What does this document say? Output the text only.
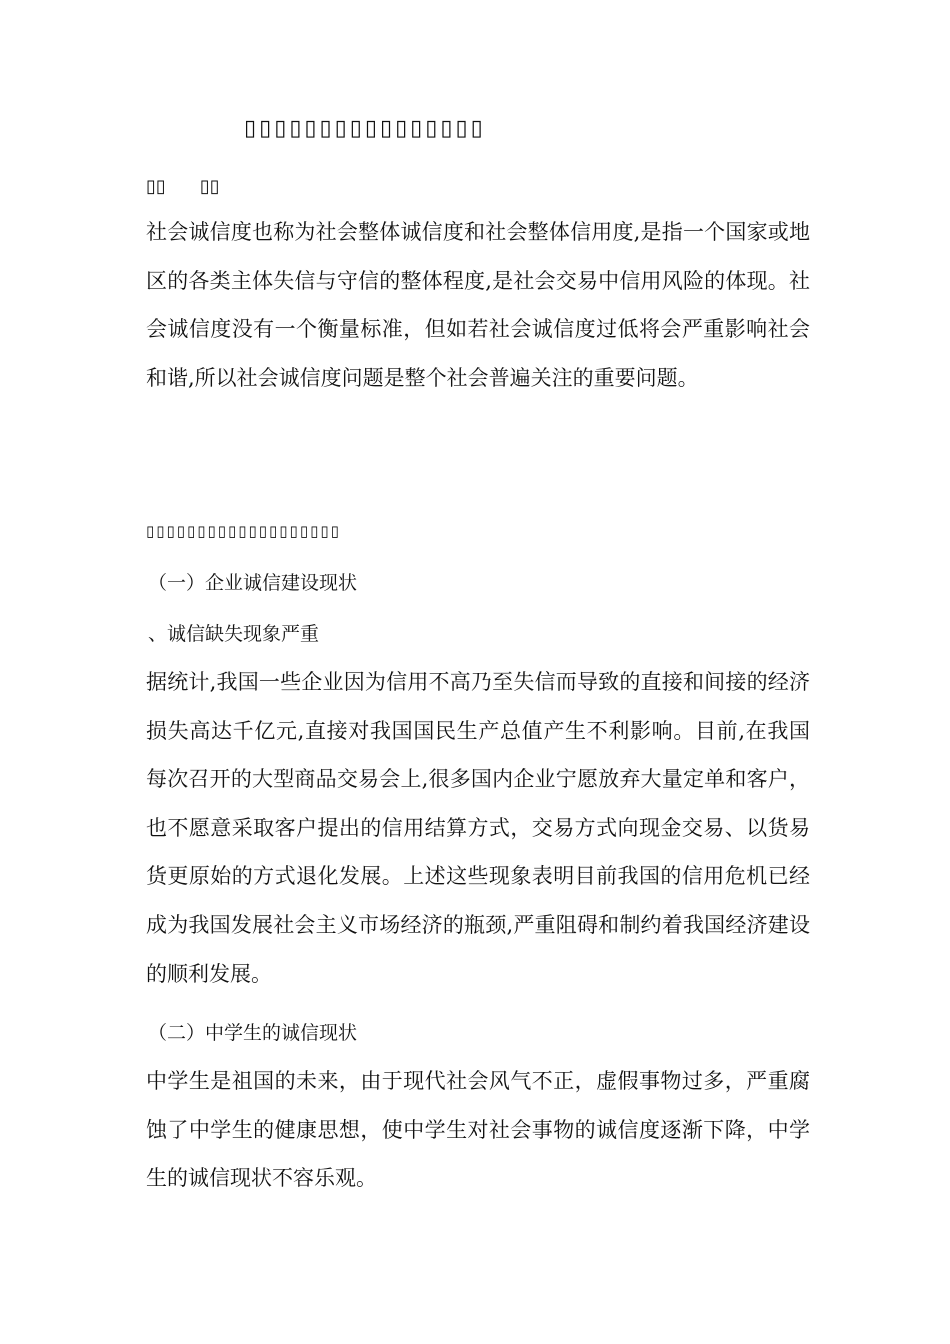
▯▯▯▯▯▯▯▯▯▯▯▯▯▯▯▯
▯▯ ▯▯
社会诚信度也称为社会整体诚信度和社会整体信用度,是指一个国家或地区的各类主体失信与守信的整体程度,是社会交易中信用风险的体现。社会诚信度没有一个衡量标准，但如若社会诚信度过低将会严重影响社会和谐,所以社会诚信度问题是整个社会普遍关注的重要问题。
▯▯▯▯▯▯▯▯▯▯▯▯▯▯▯▯▯▯▯
（一）企业诚信建设现状
、诚信缺失现象严重
据统计,我国一些企业因为信用不高乃至失信而导致的直接和间接的经济损失高达千亿元,直接对我国国民生产总值产生不利影响。目前,在我国每次召开的大型商品交易会上,很多国内企业宁愿放弃大量定单和客户，也不愿意采取客户提出的信用结算方式，交易方式向现金交易、以货易货更原始的方式退化发展。上述这些现象表明目前我国的信用危机已经成为我国发展社会主义市场经济的瓶颈,严重阻碍和制约着我国经济建设的顺利发展。
（二）中学生的诚信现状
中学生是祖国的未来，由于现代社会风气不正，虚假事物过多，严重腐蚀了中学生的健康思想，使中学生对社会事物的诚信度逐渐下降，中学生的诚信现状不容乐观。
